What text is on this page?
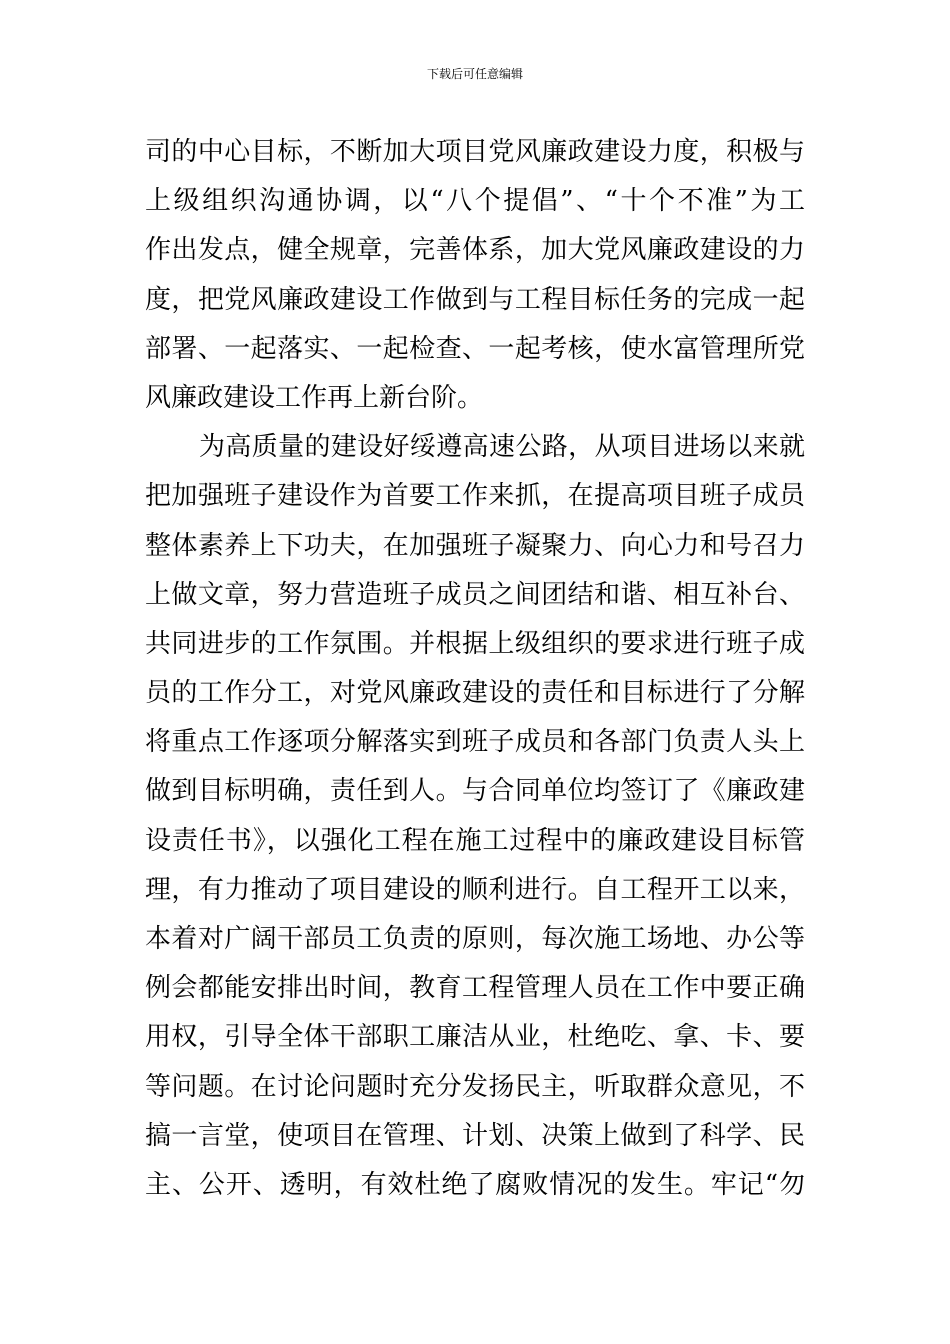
下载后可任意编辑
司的中心目标，不断加大项目党风廉政建设力度，积极与
上级组织沟通协调，以“八个提倡”、“十个不准”为工
作出发点，健全规章，完善体系，加大党风廉政建设的力
度，把党风廉政建设工作做到与工程目标任务的完成一起
部署、一起落实、一起检查、一起考核，使水富管理所党
风廉政建设工作再上新台阶。
为高质量的建设好绥遵高速公路，从项目进场以来就
把加强班子建设作为首要工作来抓，在提高项目班子成员
整体素养上下功夫，在加强班子凝聚力、向心力和号召力
上做文章，努力营造班子成员之间团结和谐、相互补台、
共同进步的工作氛围。并根据上级组织的要求进行班子成
员的工作分工，对党风廉政建设的责任和目标进行了分解
将重点工作逐项分解落实到班子成员和各部门负责人头上
做到目标明确，责任到人。与合同单位均签订了《廉政建
设责任书》，以强化工程在施工过程中的廉政建设目标管
理，有力推动了项目建设的顺利进行。自工程开工以来，
本着对广阔干部员工负责的原则，每次施工场地、办公等
例会都能安排出时间，教育工程管理人员在工作中要正确
用权，引导全体干部职工廉洁从业，杜绝吃、拿、卡、要
等问题。在讨论问题时充分发扬民主，听取群众意见，不
搞一言堂，使项目在管理、计划、决策上做到了科学、民
主、公开、透明，有效杜绝了腐败情况的发生。牢记“勿
